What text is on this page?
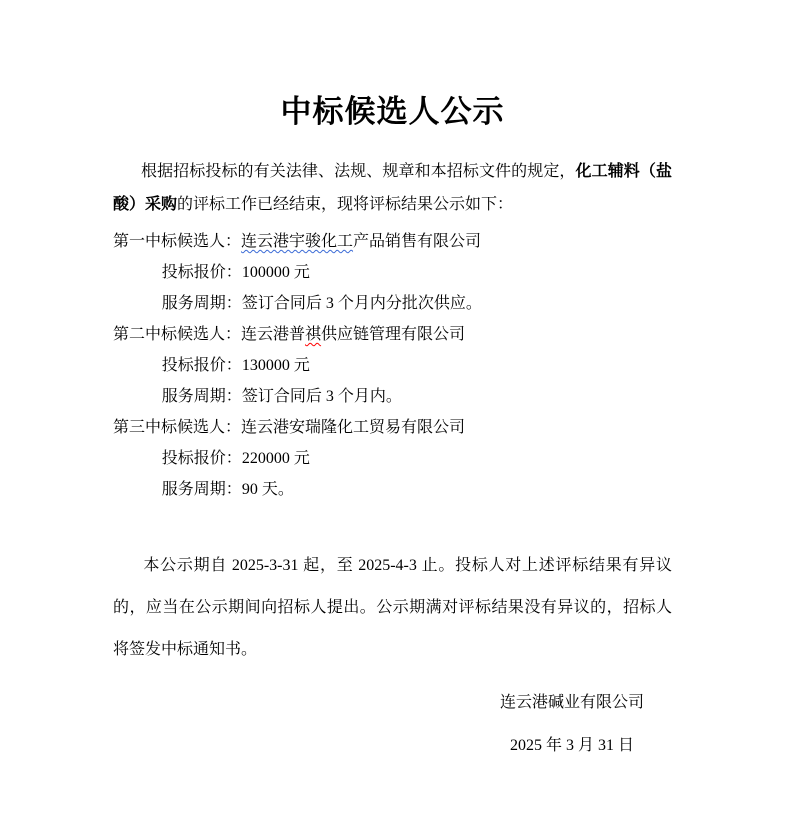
中标候选人公示

根据招标投标的有关法律、法规、规章和本招标文件的规定，化工辅料（盐酸）采购的评标工作已经结束，现将评标结果公示如下：

第一中标候选人：连云港宇骏化工产品销售有限公司
投标报价：100000 元
服务周期：签订合同后 3 个月内分批次供应。
第二中标候选人：连云港普祺供应链管理有限公司
投标报价：130000 元
服务周期：签订合同后 3 个月内。
第三中标候选人：连云港安瑞隆化工贸易有限公司
投标报价：220000 元
服务周期：90 天。

本公示期自 2025-3-31 起，至 2025-4-3 止。投标人对上述评标结果有异议的，应当在公示期间向招标人提出。公示期满对评标结果没有异议的，招标人将签发中标通知书。

连云港碱业有限公司
2025 年 3 月 31 日
